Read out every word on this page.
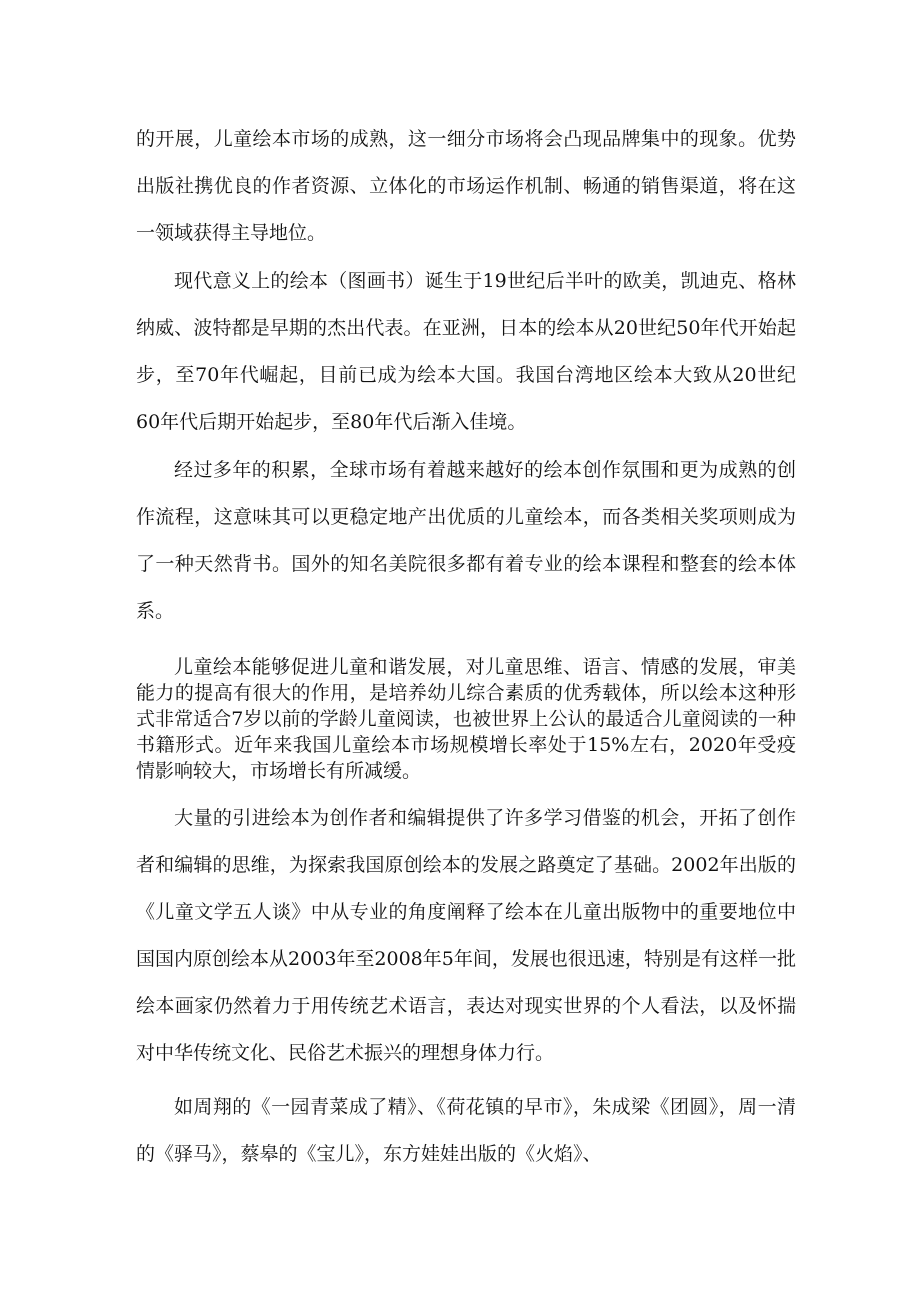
的开展，儿童绘本市场的成熟，这一细分市场将会凸现品牌集中的现象。优势出版社携优良的作者资源、立体化的市场运作机制、畅通的销售渠道，将在这一领域获得主导地位。

现代意义上的绘本（图画书）诞生于19世纪后半叶的欧美，凯迪克、格林纳威、波特都是早期的杰出代表。在亚洲，日本的绘本从20世纪50年代开始起步，至70年代崛起，目前已成为绘本大国。我国台湾地区绘本大致从20世纪60年代后期开始起步，至80年代后渐入佳境。

经过多年的积累，全球市场有着越来越好的绘本创作氛围和更为成熟的创作流程，这意味其可以更稳定地产出优质的儿童绘本，而各类相关奖项则成为了一种天然背书。国外的知名美院很多都有着专业的绘本课程和整套的绘本体系。

儿童绘本能够促进儿童和谐发展，对儿童思维、语言、情感的发展，审美能力的提高有很大的作用，是培养幼儿综合素质的优秀载体，所以绘本这种形式非常适合7岁以前的学龄儿童阅读，也被世界上公认的最适合儿童阅读的一种书籍形式。近年来我国儿童绘本市场规模增长率处于15%左右，2020年受疫情影响较大，市场增长有所减缓。

大量的引进绘本为创作者和编辑提供了许多学习借鉴的机会，开拓了创作者和编辑的思维，为探索我国原创绘本的发展之路奠定了基础。2002年出版的《儿童文学五人谈》中从专业的角度阐释了绘本在儿童出版物中的重要地位中国国内原创绘本从2003年至2008年5年间，发展也很迅速，特别是有这样一批绘本画家仍然着力于用传统艺术语言，表达对现实世界的个人看法，以及怀揣对中华传统文化、民俗艺术振兴的理想身体力行。

如周翔的《一园青菜成了精》、《荷花镇的早市》，朱成梁《团圆》，周一清的《驿马》，蔡皋的《宝儿》，东方娃娃出版的《火焰》、
